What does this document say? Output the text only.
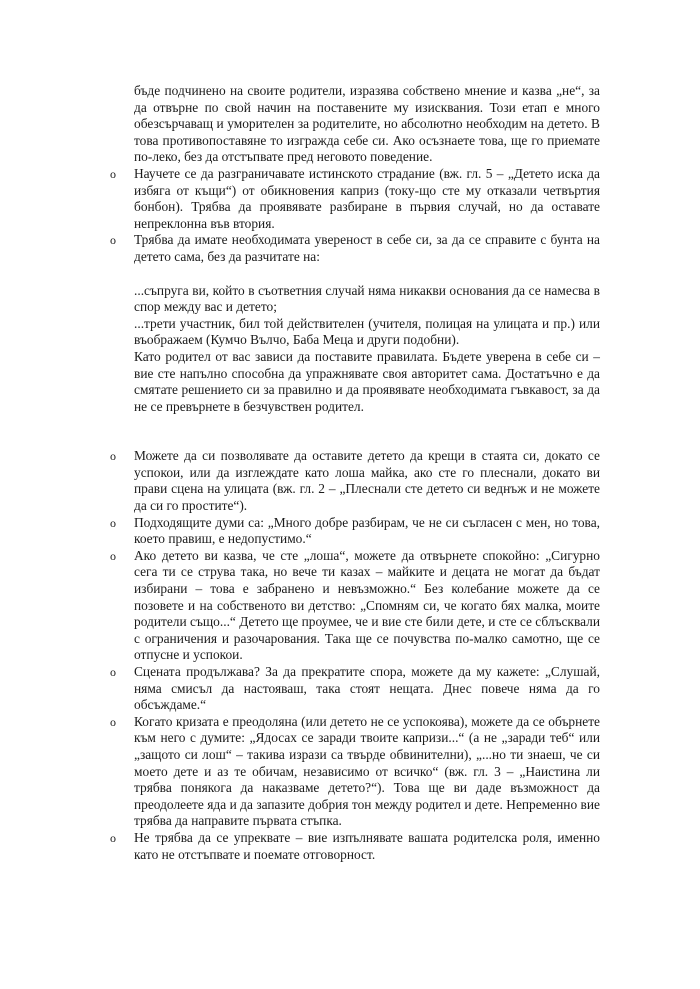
бъде подчинено на своите родители, изразява собствено мнение и казва „не“, за да отвърне по свой начин на поставените му изисквания. Този етап е много обезсърчаващ и уморителен за родителите, но абсолютно необходим на детето. В това противопоставяне то изгражда себе си. Ако осъзнаете това, ще го приемате по-леко, без да отстъпвате пред неговото поведение.

o	Научете се да разграничавате истинското страдание (вж. гл. 5 – „Детето иска да избяга от къщи“) от обикновения каприз (току-що сте му отказали четвъртия бонбон). Трябва да проявявате разбиране в първия случай, но да оставате непреклонна във втория.

o	Трябва да имате необходимата увереност в себе си, за да се справите с бунта на детето сама, без да разчитате на:

...съпруга ви, който в съответния случай няма никакви основания да се намесва в спор между вас и детето;

...трети участник, бил той действителен (учителя, полицая на улицата и пр.) или въображаем (Кумчо Вълчо, Баба Меца и други подобни).

Като родител от вас зависи да поставите правилата. Бъдете уверена в себе си – вие сте напълно способна да упражнявате своя авторитет сама. Достатъчно е да смятате решението си за правилно и да проявявате необходимата гъвкавост, за да не се превърнете в безчувствен родител.

o	Можете да си позволявате да оставите детето да крещи в стаята си, докато се успокои, или да изглеждате като лоша майка, ако сте го плеснали, докато ви прави сцена на улицата (вж. гл. 2 – „Плеснали сте детето си веднъж и не можете да си го простите“).

o	Подходящите думи са: „Много добре разбирам, че не си съгласен с мен, но това, което правиш, е недопустимо.“

o	Ако детето ви казва, че сте „лоша“, можете да отвърнете спокойно: „Сигурно сега ти се струва така, но вече ти казах – майките и децата не могат да бъдат избирани – това е забранено и невъзможно.“ Без колебание можете да се позовете и на собственото ви детство: „Спомням си, че когато бях малка, моите родители също...“ Детето ще проумее, че и вие сте били дете, и сте се сблъсквали с ограничения и разочарования. Така ще се почувства по-малко самотно, ще се отпусне и успокои.

o	Сцената продължава? За да прекратите спора, можете да му кажете: „Слушай, няма смисъл да настояваш, така стоят нещата. Днес повече няма да го обсъждаме.“

o	Когато кризата е преодоляна (или детето не се успокоява), можете да се обърнете към него с думите: „Ядосах се заради твоите капризи...“ (а не „заради теб“ или „защото си лош“ – такива изрази са твърде обвинителни), „...но ти знаеш, че си моето дете и аз те обичам, независимо от всичко“ (вж. гл. 3 – „Наистина ли трябва понякога да наказваме детето?“). Това ще ви даде възможност да преодолеете яда и да запазите добрия тон между родител и дете. Непременно вие трябва да направите първата стъпка.

o	Не трябва да се упреквате – вие изпълнявате вашата родителска роля, именно като не отстъпвате и поемате отговорност.
